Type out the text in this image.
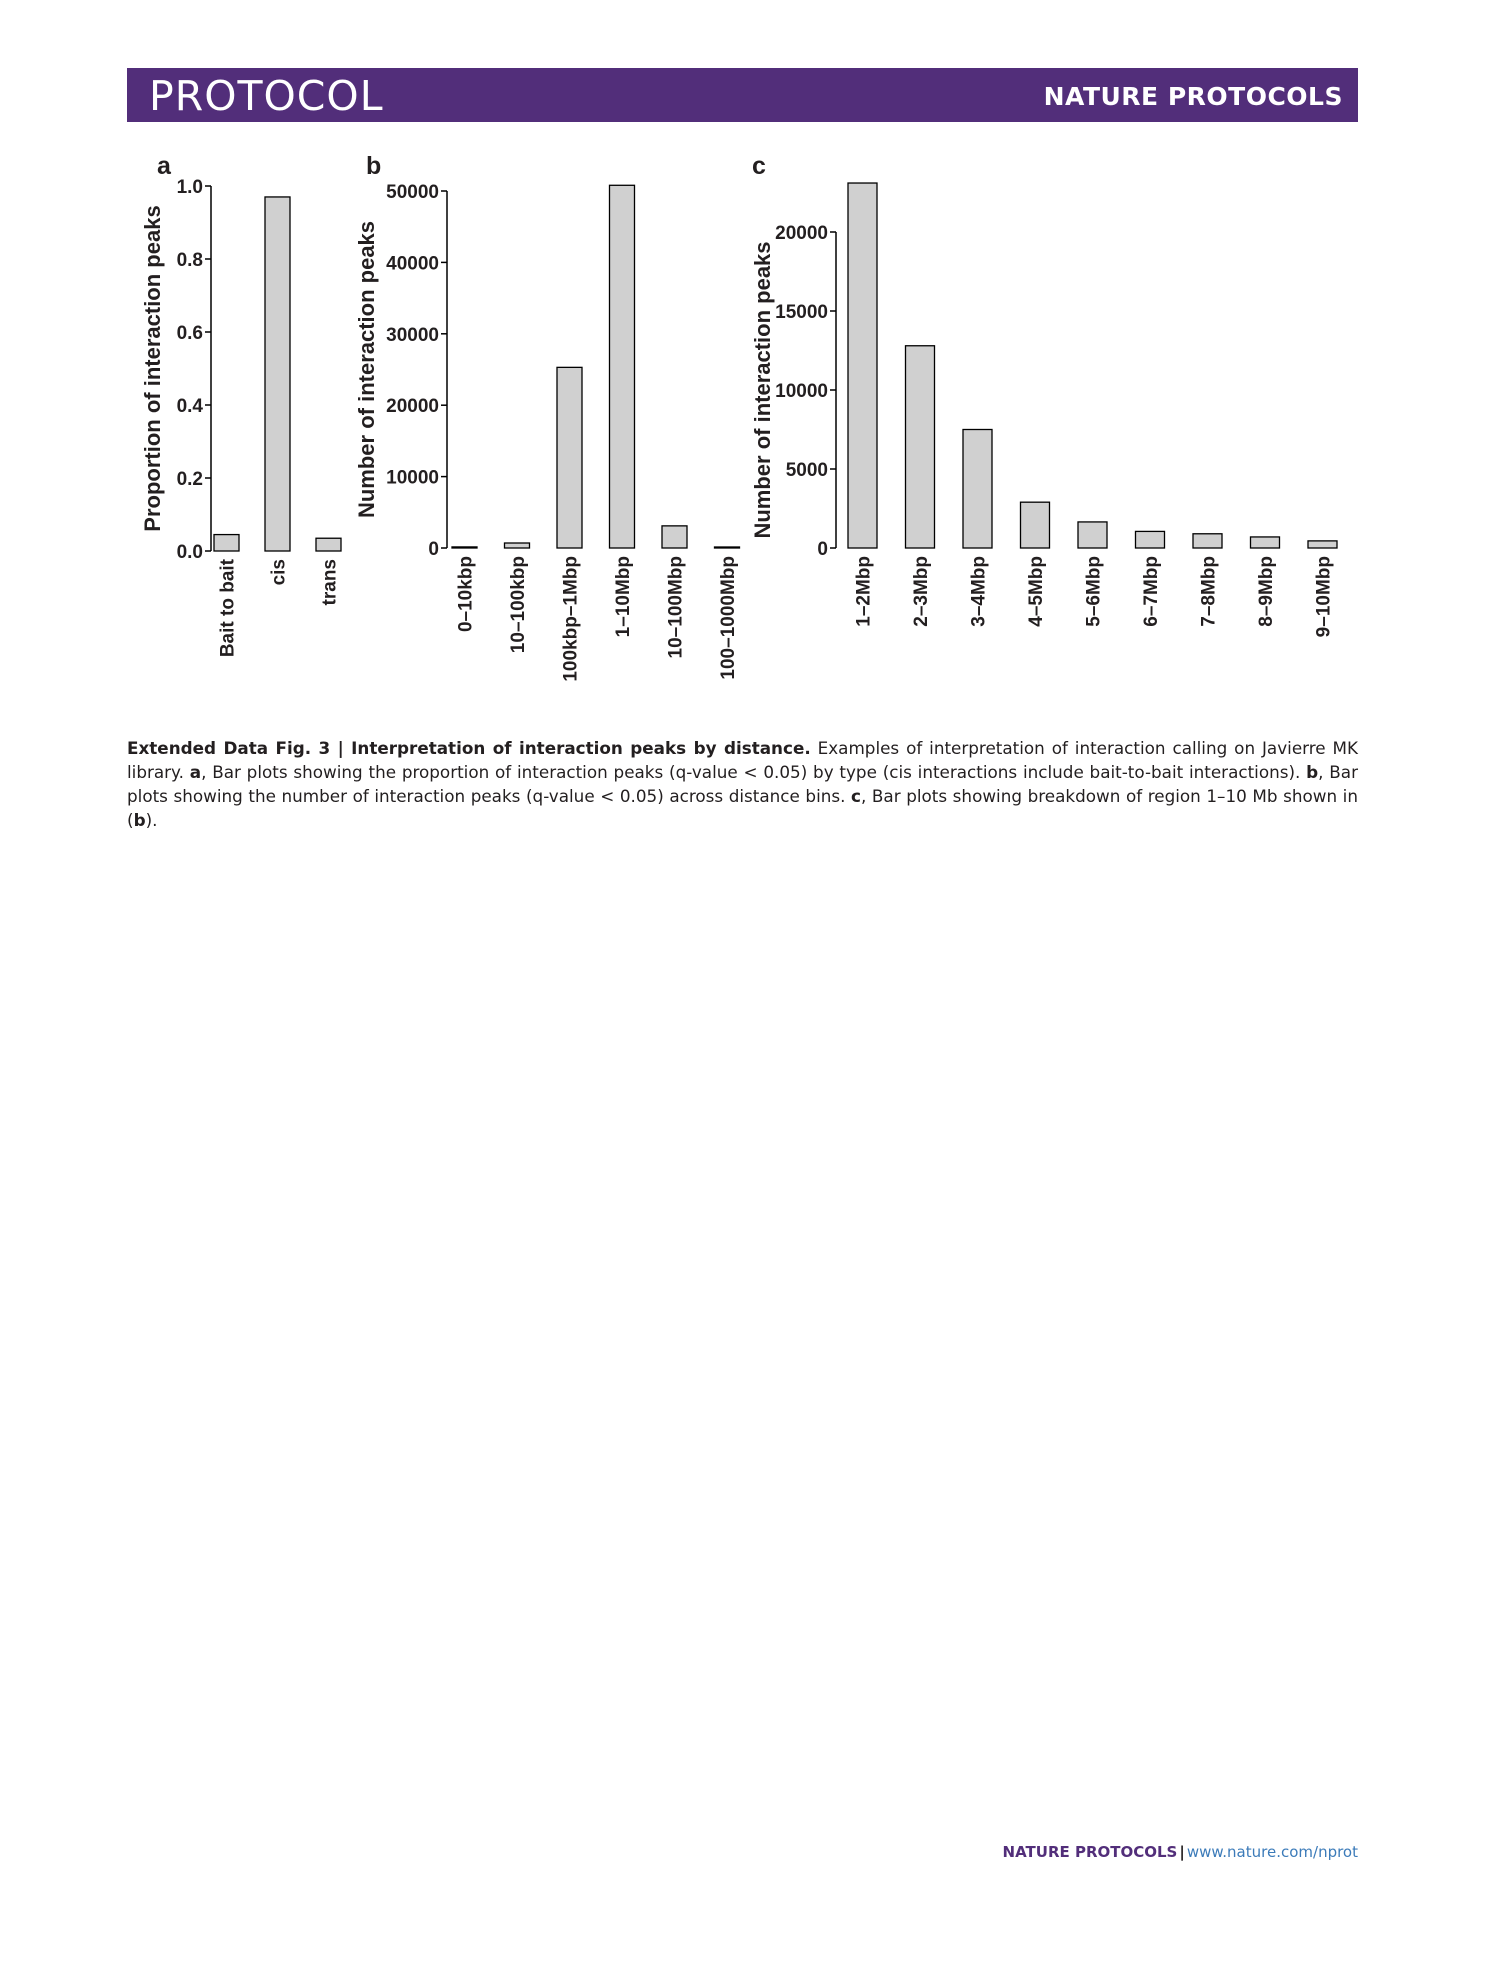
PROTOCOL	NATURE PROTOCOLS
a
0.0
0.2
0.4
0.6
0.8
1.0
Proportion of interaction peaks
Bait to bait cis trans
b
0
10000
20000
30000
40000
50000
Number of interaction peaks
0–10kbp 10–100kbp 100kbp–1Mbp 1–10Mbp 10–100Mbp 100–1000Mbp
c
0
5000
10000
15000
20000
Number of interaction peaks
1–2Mbp 2–3Mbp 3–4Mbp 4–5Mbp 5–6Mbp 6–7Mbp 7–8Mbp 8–9Mbp 9–10Mbp
Extended Data Fig. 3 | Interpretation of interaction peaks by distance. Examples of interpretation of interaction calling on Javierre MK library. a, Bar plots showing the proportion of interaction peaks (q-value < 0.05) by type (cis interactions include bait-to-bait interactions). b, Bar plots showing the number of interaction peaks (q-value < 0.05) across distance bins. c, Bar plots showing breakdown of region 1–10 Mb shown in (b).
NATURE PROTOCOLS | www.nature.com/nprot
